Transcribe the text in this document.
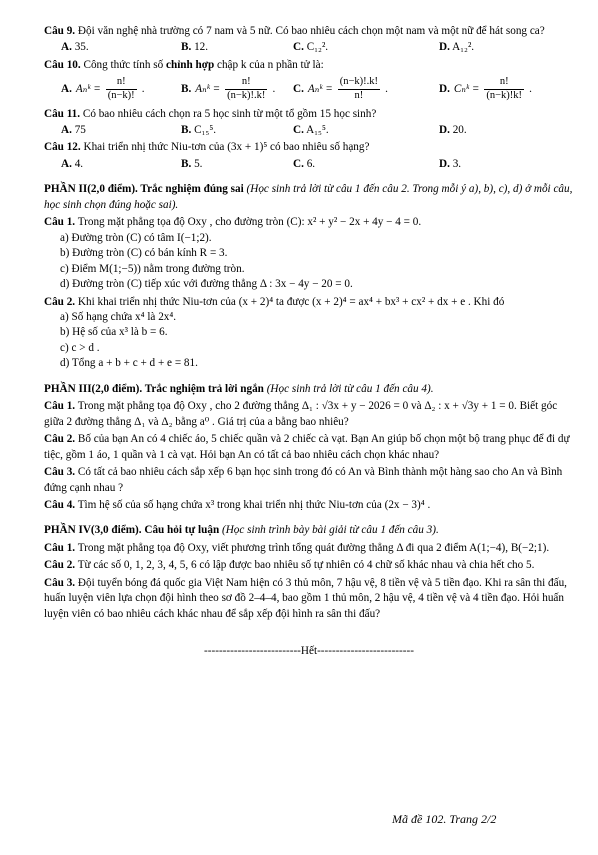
Câu 9. Đội văn nghệ nhà trường có 7 nam và 5 nữ. Có bao nhiêu cách chọn một nam và một nữ để hát song ca?

A. 35.	B. 12.	C. C₁₂².	D. A₁₂².

Câu 10. Công thức tính số chỉnh hợp chập k của n phần tử là:

A. Aₙᵏ = $\frac{n!}{(n-k)!}$ .	B. Aₙᵏ = $\frac{n!}{(n-k)!.k!}$ . C. Aₙᵏ = $\frac{(n-k)!.k!}{n!}$ .	D. Cₙᵏ = $\frac{n!}{(n-k)!k!}$ .

Câu 11. Có bao nhiêu cách chọn ra 5 học sinh từ một tổ gồm 15 học sinh?

A. 75	B. C₁₅⁵.	C. A₁₅⁵.	D. 20.

Câu 12. Khai triển nhị thức Niu-tơn của (3x + 1)⁵ có bao nhiêu số hạng?

A. 4.	B. 5.	C. 6.	D. 3.

PHẦN II(2,0 điểm). Trắc nghiệm đúng sai (Học sinh trả lời từ câu 1 đến câu 2. Trong mỗi ý a), b), c), d) ở mỗi câu, học sinh chọn đúng hoặc sai).

Câu 1. Trong mặt phẳng tọa độ Oxy , cho đường tròn (C): x² + y² − 2x + 4y − 4 = 0.

a) Đường tròn (C) có tâm I(−1;2).

b) Đường tròn (C) có bán kính R = 3.

c) Điểm M(1;−5)) nằm trong đường tròn.

d) Đường tròn (C) tiếp xúc với đường thẳng Δ : 3x − 4y − 20 = 0.

Câu 2. Khi khai triển nhị thức Niu-tơn của (x + 2)⁴ ta được (x + 2)⁴ = ax⁴ + bx³ + cx² + dx + e . Khi đó

a) Số hạng chứa x⁴ là 2x⁴.

b) Hệ số của x³ là b = 6.

c) c > d .

d) Tổng a + b + c + d + e = 81.

PHẦN III(2,0 điểm). Trắc nghiệm trả lời ngắn (Học sinh trả lời từ câu 1 đến câu 4).

Câu 1. Trong mặt phẳng tọa độ Oxy , cho 2 đường thẳng Δ₁ : √3x + y − 2026 = 0 và Δ₂ : x + √3y + 1 = 0. Biết góc giữa 2 đường thẳng Δ₁ và Δ₂ bằng a⁰ . Giá trị của a bằng bao nhiêu?

Câu 2. Bố của bạn An có 4 chiếc áo, 5 chiếc quần và 2 chiếc cà vạt. Bạn An giúp bố chọn một bộ trang phục để đi dự tiệc, gồm 1 áo, 1 quần và 1 cà vạt. Hỏi bạn An có tất cả bao nhiêu cách chọn khác nhau?

Câu 3. Có tất cả bao nhiêu cách sắp xếp 6 bạn học sinh trong đó có An và Bình thành một hàng sao cho An và Bình đứng cạnh nhau ?

Câu 4. Tìm hệ số của số hạng chứa x³ trong khai triển nhị thức Niu-tơn của (2x − 3)⁴ .

PHẦN IV(3,0 điểm). Câu hỏi tự luận (Học sinh trình bày bài giải từ câu 1 đến câu 3).

Câu 1. Trong mặt phẳng tọa độ Oxy, viết phương trình tổng quát đường thẳng Δ đi qua 2 điểm A(1;−4), B(−2;1).

Câu 2. Từ các số 0, 1, 2, 3, 4, 5, 6 có lập được bao nhiêu số tự nhiên có 4 chữ số khác nhau và chia hết cho 5.

Câu 3. Đội tuyển bóng đá quốc gia Việt Nam hiện có 3 thủ môn, 7 hậu vệ, 8 tiền vệ và 5 tiền đạo. Khi ra sân thi đấu, huấn luyện viên lựa chọn đội hình theo sơ đồ 2–4–4, bao gồm 1 thủ môn, 2 hậu vệ, 4 tiền vệ và 4 tiền đạo. Hỏi huấn luyện viên có bao nhiêu cách khác nhau để sắp xếp đội hình ra sân thi đấu?

--------------------------Hết--------------------------

Mã đề 102. Trang 2/2
